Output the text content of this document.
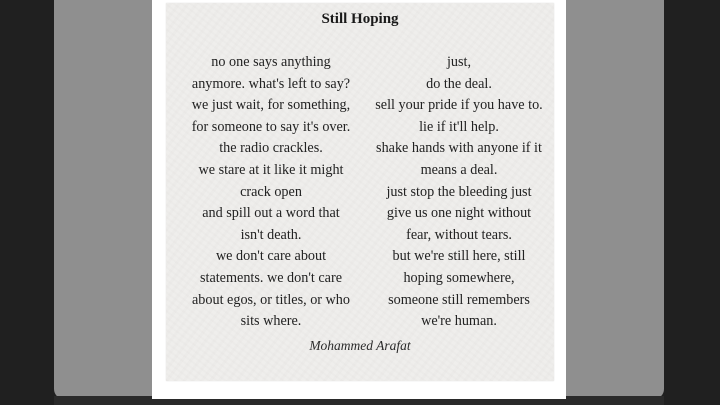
Still Hoping
no one says anything
anymore. what's left to say?
we just wait, for something,
for someone to say it's over.
the radio crackles.
we stare at it like it might
crack open
and spill out a word that
isn't death.
we don't care about
statements. we don't care
about egos, or titles, or who
sits where.
just,
do the deal.
sell your pride if you have to.
lie if it'll help.
shake hands with anyone if it
means a deal.
just stop the bleeding just
give us one night without
fear, without tears.
but we're still here, still
hoping somewhere,
someone still remembers
we're human.
Mohammed Arafat
